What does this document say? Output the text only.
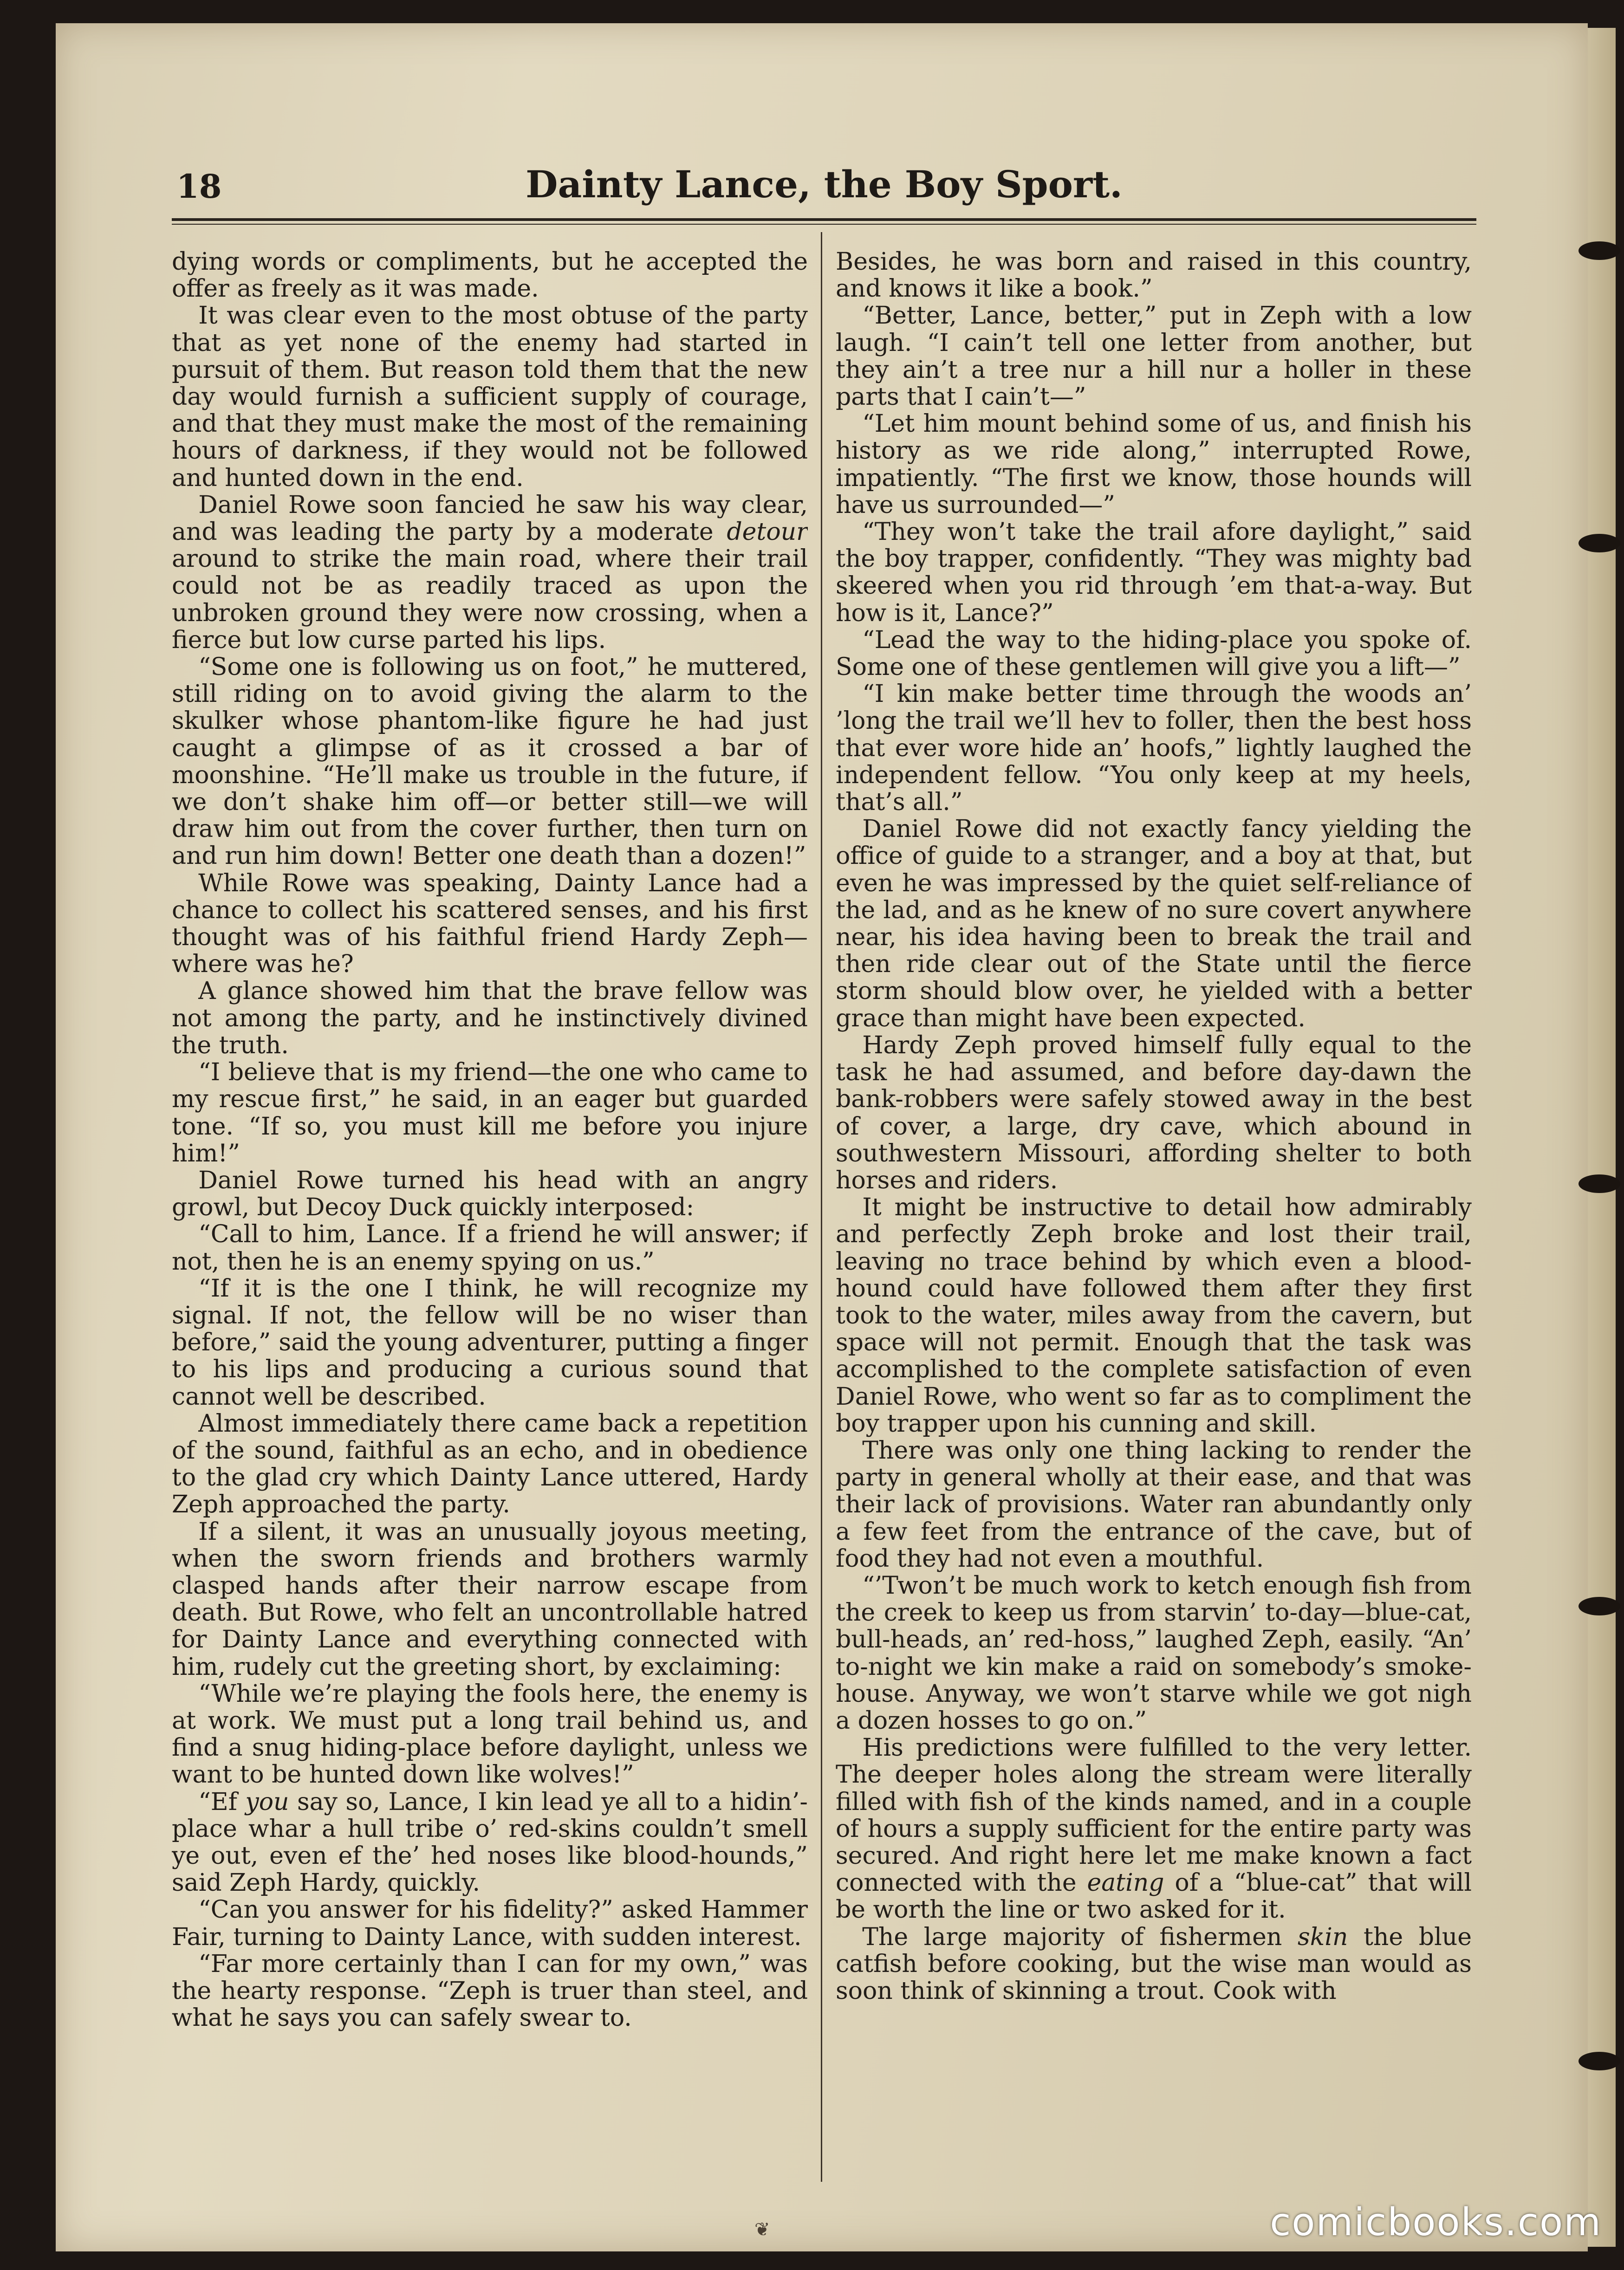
18	Dainty Lance, the Boy Sport.

dying words or compliments, but he accepted the offer as freely as it was made.

It was clear even to the most obtuse of the party that as yet none of the enemy had started in pursuit of them. But reason told them that the new day would furnish a sufficient supply of courage, and that they must make the most of the remaining hours of darkness, if they would not be followed and hunted down in the end.

Daniel Rowe soon fancied he saw his way clear, and was leading the party by a moderate detour around to strike the main road, where their trail could not be as readily traced as upon the unbroken ground they were now crossing, when a fierce but low curse parted his lips.

“Some one is following us on foot,” he muttered, still riding on to avoid giving the alarm to the skulker whose phantom-like figure he had just caught a glimpse of as it crossed a bar of moonshine. “He’ll make us trouble in the future, if we don’t shake him off—or better still—we will draw him out from the cover further, then turn on and run him down! Better one death than a dozen!”

While Rowe was speaking, Dainty Lance had a chance to collect his scattered senses, and his first thought was of his faithful friend Hardy Zeph—where was he?

A glance showed him that the brave fellow was not among the party, and he instinctively divined the truth.

“I believe that is my friend—the one who came to my rescue first,” he said, in an eager but guarded tone. “If so, you must kill me before you injure him!”

Daniel Rowe turned his head with an angry growl, but Decoy Duck quickly interposed:

“Call to him, Lance. If a friend he will answer; if not, then he is an enemy spying on us.”

“If it is the one I think, he will recognize my signal. If not, the fellow will be no wiser than before,” said the young adventurer, putting a finger to his lips and producing a curious sound that cannot well be described.

Almost immediately there came back a repetition of the sound, faithful as an echo, and in obedience to the glad cry which Dainty Lance uttered, Hardy Zeph approached the party.

If a silent, it was an unusually joyous meeting, when the sworn friends and brothers warmly clasped hands after their narrow escape from death. But Rowe, who felt an uncontrollable hatred for Dainty Lance and everything connected with him, rudely cut the greeting short, by exclaiming:

“While we’re playing the fools here, the enemy is at work. We must put a long trail behind us, and find a snug hiding-place before daylight, unless we want to be hunted down like wolves!”

“Ef you say so, Lance, I kin lead ye all to a hidin’-place whar a hull tribe o’ red-skins couldn’t smell ye out, even ef the’ hed noses like blood-hounds,” said Zeph Hardy, quickly.

“Can you answer for his fidelity?” asked Hammer Fair, turning to Dainty Lance, with sudden interest.

“Far more certainly than I can for my own,” was the hearty response. “Zeph is truer than steel, and what he says you can safely swear to.

Besides, he was born and raised in this country, and knows it like a book.”

“Better, Lance, better,” put in Zeph with a low laugh. “I cain’t tell one letter from another, but they ain’t a tree nur a hill nur a holler in these parts that I cain’t—”

“Let him mount behind some of us, and finish his history as we ride along,” interrupted Rowe, impatiently. “The first we know, those hounds will have us surrounded—”

“They won’t take the trail afore daylight,” said the boy trapper, confidently. “They was mighty bad skeered when you rid through ’em that-a-way. But how is it, Lance?”

“Lead the way to the hiding-place you spoke of. Some one of these gentlemen will give you a lift—”

“I kin make better time through the woods an’ ’long the trail we’ll hev to foller, then the best hoss that ever wore hide an’ hoofs,” lightly laughed the independent fellow. “You only keep at my heels, that’s all.”

Daniel Rowe did not exactly fancy yielding the office of guide to a stranger, and a boy at that, but even he was impressed by the quiet self-reliance of the lad, and as he knew of no sure covert anywhere near, his idea having been to break the trail and then ride clear out of the State until the fierce storm should blow over, he yielded with a better grace than might have been expected.

Hardy Zeph proved himself fully equal to the task he had assumed, and before day-dawn the bank-robbers were safely stowed away in the best of cover, a large, dry cave, which abound in southwestern Missouri, affording shelter to both horses and riders.

It might be instructive to detail how admirably and perfectly Zeph broke and lost their trail, leaving no trace behind by which even a blood-hound could have followed them after they first took to the water, miles away from the cavern, but space will not permit. Enough that the task was accomplished to the complete satisfaction of even Daniel Rowe, who went so far as to compliment the boy trapper upon his cunning and skill.

There was only one thing lacking to render the party in general wholly at their ease, and that was their lack of provisions. Water ran abundantly only a few feet from the entrance of the cave, but of food they had not even a mouthful.

“’Twon’t be much work to ketch enough fish from the creek to keep us from starvin’ to-day—blue-cat, bull-heads, an’ red-hoss,” laughed Zeph, easily. “An’ to-night we kin make a raid on somebody’s smoke-house. Anyway, we won’t starve while we got nigh a dozen hosses to go on.”

His predictions were fulfilled to the very letter. The deeper holes along the stream were literally filled with fish of the kinds named, and in a couple of hours a supply sufficient for the entire party was secured. And right here let me make known a fact connected with the eating of a “blue-cat” that will be worth the line or two asked for it.

The large majority of fishermen skin the blue catfish before cooking, but the wise man would as soon think of skinning a trout. Cook with

❦	comicbooks.com
